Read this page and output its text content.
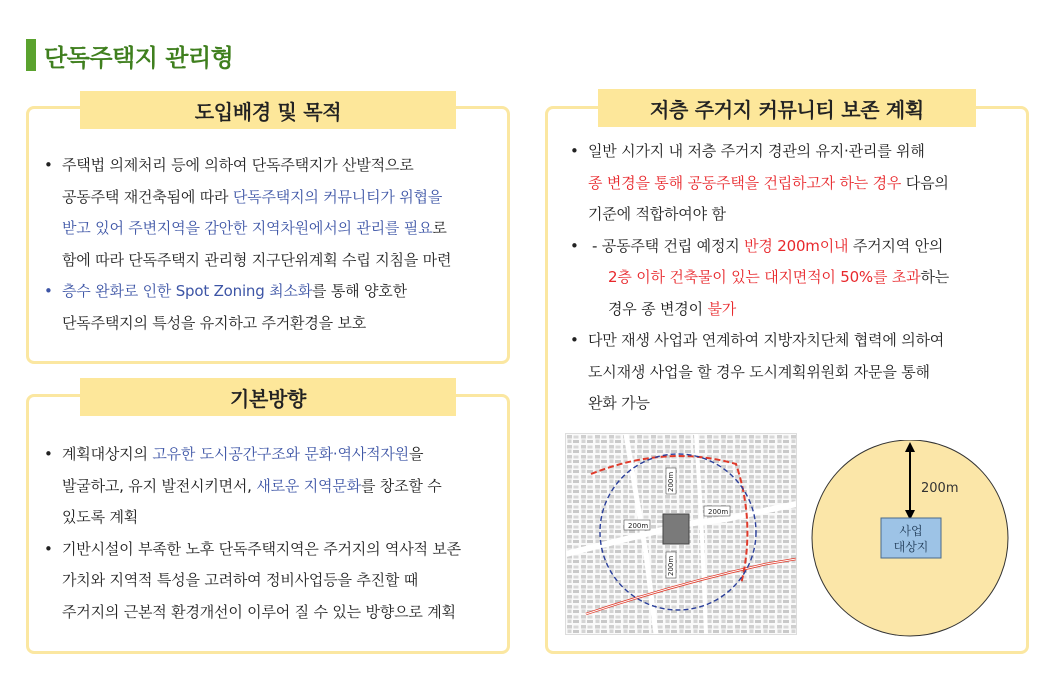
단독주택지 관리형
도입배경 및 목적
• 주택법 의제처리 등에 의하여 단독주택지가 산발적으로
공동주택 재건축됨에 따라 단독주택지의 커뮤니티가 위협을
받고 있어 주변지역을 감안한 지역차원에서의 관리를 필요로
함에 따라 단독주택지 관리형 지구단위계획 수립 지침을 마련
• 층수 완화로 인한 Spot Zoning 최소화를 통해 양호한
단독주택지의 특성을 유지하고 주거환경을 보호
기본방향
• 계획대상지의 고유한 도시공간구조와 문화·역사적자원을
발굴하고, 유지 발전시키면서, 새로운 지역문화를 창조할 수
있도록 계획
• 기반시설이 부족한 노후 단독주택지역은 주거지의 역사적 보존
가치와 지역적 특성을 고려하여 정비사업등을 추진할 때
주거지의 근본적 환경개선이 이루어 질 수 있는 방향으로 계획
저층 주거지 커뮤니티 보존 계획
• 일반 시가지 내 저층 주거지 경관의 유지·관리를 위해
종 변경을 통해 공동주택을 건립하고자 하는 경우 다음의
기준에 적합하여야 함
• - 공동주택 건립 예정지 반경 200m이내 주거지역 안의
2층 이하 건축물이 있는 대지면적이 50%를 초과하는
경우 종 변경이 불가
• 다만 재생 사업과 연계하여 지방자치단체 협력에 의하여
도시재생 사업을 할 경우 도시계획위원회 자문을 통해
완화 가능
200m
200m
200m
200m
200m
사업
대상지
